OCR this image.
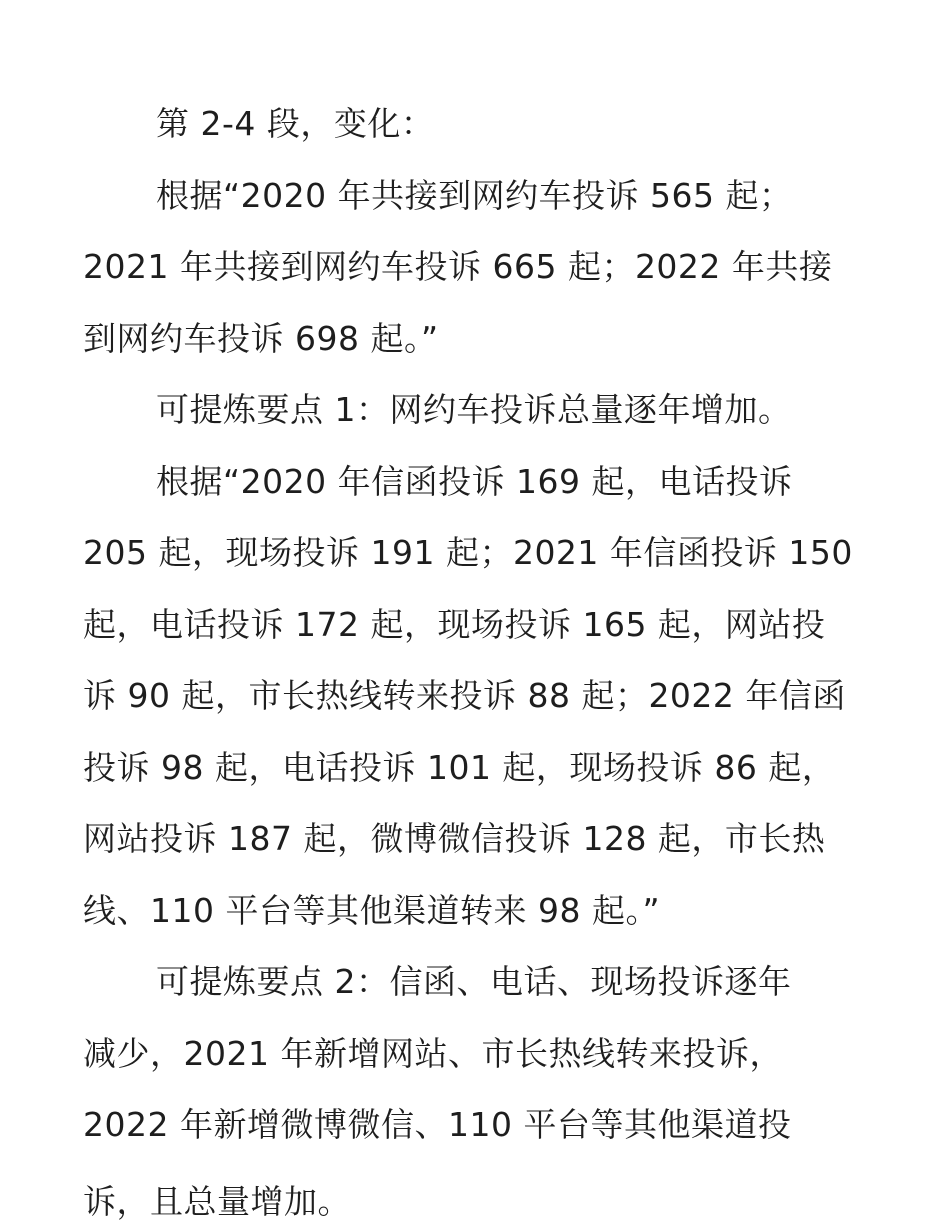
第 2-4 段，变化：
根据“2020 年共接到网约车投诉 565 起；
2021 年共接到网约车投诉 665 起；2022 年共接
到网约车投诉 698 起。”
可提炼要点 1：网约车投诉总量逐年增加。
根据“2020 年信函投诉 169 起，电话投诉
205 起，现场投诉 191 起；2021 年信函投诉 150
起，电话投诉 172 起，现场投诉 165 起，网站投
诉 90 起，市长热线转来投诉 88 起；2022 年信函
投诉 98 起，电话投诉 101 起，现场投诉 86 起，
网站投诉 187 起，微博微信投诉 128 起，市长热
线、110 平台等其他渠道转来 98 起。”
可提炼要点 2：信函、电话、现场投诉逐年
减少，2021 年新增网站、市长热线转来投诉，
2022 年新增微博微信、110 平台等其他渠道投
诉，且总量增加。
